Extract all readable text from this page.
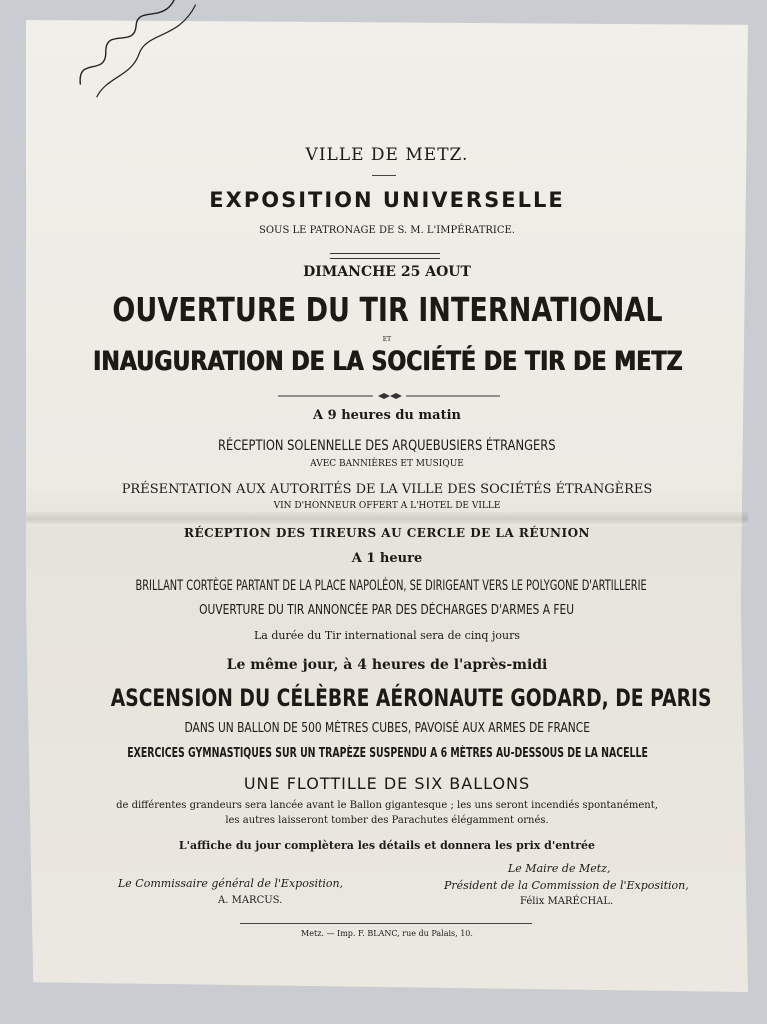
VILLE DE METZ.
EXPOSITION UNIVERSELLE
SOUS LE PATRONAGE DE S. M. L'IMPÉRATRICE.
DIMANCHE 25 AOUT
OUVERTURE DU TIR INTERNATIONAL
ET
INAUGURATION DE LA SOCIÉTÉ DE TIR DE METZ
A 9 heures du matin
RÉCEPTION SOLENNELLE DES ARQUEBUSIERS ÉTRANGERS
AVEC BANNIÈRES ET MUSIQUE
PRÉSENTATION AUX AUTORITÉS DE LA VILLE DES SOCIÉTÉS ÉTRANGÈRES
VIN D'HONNEUR OFFERT A L'HOTEL DE VILLE
RÉCEPTION DES TIREURS AU CERCLE DE LA RÉUNION
A 1 heure
BRILLANT CORTÈGE PARTANT DE LA PLACE NAPOLÉON, SE DIRIGEANT VERS LE POLYGONE D'ARTILLERIE
OUVERTURE DU TIR ANNONCÉE PAR DES DÉCHARGES D'ARMES A FEU
La durée du Tir international sera de cinq jours
Le même jour, à 4 heures de l'après-midi
ASCENSION DU CÉLÈBRE AÉRONAUTE GODARD, DE PARIS
DANS UN BALLON DE 500 MÈTRES CUBES, PAVOISÉ AUX ARMES DE FRANCE
EXERCICES GYMNASTIQUES SUR UN TRAPÈZE SUSPENDU A 6 MÈTRES AU-DESSOUS DE LA NACELLE
UNE FLOTTILLE DE SIX BALLONS
de différentes grandeurs sera lancée avant le Ballon gigantesque ; les uns seront incendiés spontanément,
les autres laisseront tomber des Parachutes élégamment ornés.
L'affiche du jour complètera les détails et donnera les prix d'entrée
Le Commissaire général de l'Exposition,
A. MARCUS.
Le Maire de Metz,
Président de la Commission de l'Exposition,
Félix MARÉCHAL.
Metz. — Imp. F. BLANC, rue du Palais, 10.
